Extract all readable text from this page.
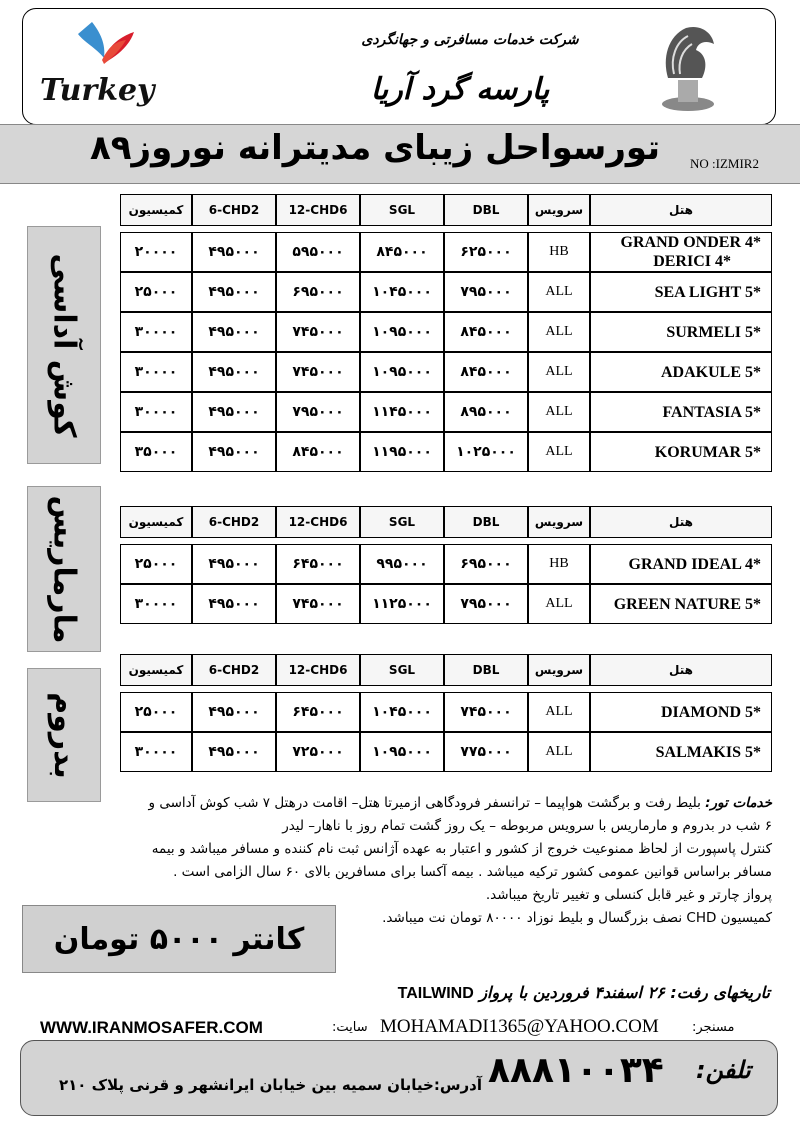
Turkey
شرکت خدمات مسافرتی و جهانگردی
پارسه گرد آریا
تورسواحل زیبای مدیترانه نوروز۸۹	NO :IZMIR2
کوش آداسی
مارماریس
بدروم
کمیسیون	6-CHD2	12-CHD6	SGL	DBL	سرویس	هتل

۲۰۰۰۰	۴۹۵۰۰۰	۵۹۵۰۰۰	۸۴۵۰۰۰	۶۲۵۰۰۰	HB	GRAND ONDER 4*
DERICI 4*

۲۵۰۰۰	۴۹۵۰۰۰	۶۹۵۰۰۰	۱۰۴۵۰۰۰	۷۹۵۰۰۰	ALL	SEA LIGHT 5*
۳۰۰۰۰	۴۹۵۰۰۰	۷۴۵۰۰۰	۱۰۹۵۰۰۰	۸۴۵۰۰۰	ALL	SURMELI 5*
۳۰۰۰۰	۴۹۵۰۰۰	۷۴۵۰۰۰	۱۰۹۵۰۰۰	۸۴۵۰۰۰	ALL	ADAKULE 5*
۳۰۰۰۰	۴۹۵۰۰۰	۷۹۵۰۰۰	۱۱۴۵۰۰۰	۸۹۵۰۰۰	ALL	FANTASIA 5*
۳۵۰۰۰	۴۹۵۰۰۰	۸۴۵۰۰۰	۱۱۹۵۰۰۰	۱۰۲۵۰۰۰	ALL	KORUMAR 5*
کمیسیون	6-CHD2	12-CHD6	SGL	DBL	سرویس	هتل

۲۵۰۰۰	۴۹۵۰۰۰	۶۴۵۰۰۰	۹۹۵۰۰۰	۶۹۵۰۰۰	HB	GRAND IDEAL 4*
۳۰۰۰۰	۴۹۵۰۰۰	۷۴۵۰۰۰	۱۱۲۵۰۰۰	۷۹۵۰۰۰	ALL	GREEN NATURE 5*
کمیسیون	6-CHD2	12-CHD6	SGL	DBL	سرویس	هتل

۲۵۰۰۰	۴۹۵۰۰۰	۶۴۵۰۰۰	۱۰۴۵۰۰۰	۷۴۵۰۰۰	ALL	DIAMOND 5*
۳۰۰۰۰	۴۹۵۰۰۰	۷۲۵۰۰۰	۱۰۹۵۰۰۰	۷۷۵۰۰۰	ALL	SALMAKIS 5*
خدمات تور: بلیط رفت و برگشت هواپیما – ترانسفر فرودگاهی ازمیرتا هتل– اقامت درهتل ۷ شب کوش آداسی و
۶ شب در بدروم و مارماریس با سرویس مربوطه – یک روز گشت تمام روز با ناهار– لیدر
کنترل پاسپورت از لحاظ ممنوعیت خروج از کشور و اعتبار به عهده آژانس ثبت نام کننده و مسافر میباشد و بیمه
مسافر براساس قوانین عمومی کشور ترکیه میباشد . بیمه آکسا برای مسافرین بالای ۶۰ سال الزامی است .
پرواز چارتر و غیر قابل کنسلی و تغییر تاریخ میباشد.
کمیسیون CHD نصف بزرگسال و بلیط نوزاد ۸۰۰۰۰ تومان نت میباشد.
کانتر ۵۰۰۰ تومان
تاریخهای رفت: ۲۶ اسفند۴ فروردین با پرواز TAILWIND
WWW.IRANMOSAFER.COM	سایت: MOHAMADI1365@YAHOO.COM	مسنجر:
تلفن:
۸۸۸۱۰۰۳۴
آدرس:خیابان سمیه بین خیابان ایرانشهر و قرنی پلاک ۲۱۰
